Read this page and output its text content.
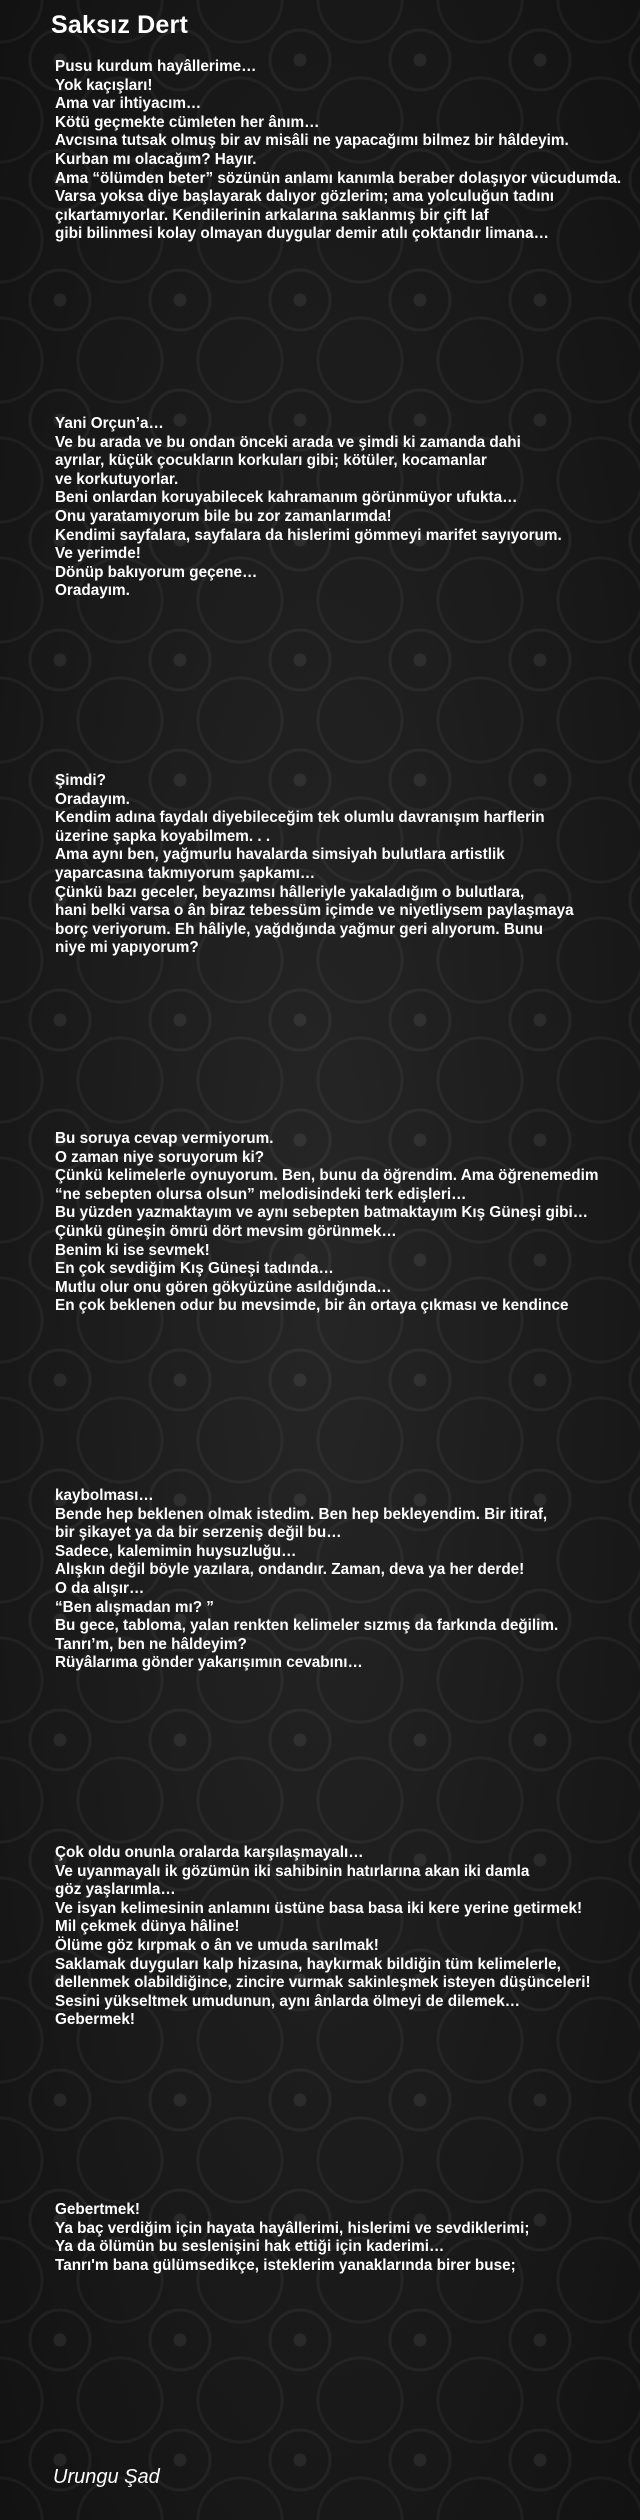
Saksız Dert
Pusu kurdum hayâllerime…
Yok kaçışları!
Ama var ihtiyacım…
Kötü geçmekte cümleten her ânım…
Avcısına tutsak olmuş bir av misâli ne yapacağımı bilmez bir hâldeyim.
Kurban mı olacağım? Hayır.
Ama “ölümden beter” sözünün anlamı kanımla beraber dolaşıyor vücudumda.
Varsa yoksa diye başlayarak dalıyor gözlerim; ama yolculuğun tadını
çıkartamıyorlar. Kendilerinin arkalarına saklanmış bir çift laf
gibi bilinmesi kolay olmayan duygular demir atılı çoktandır limana…
Yani Orçun’a…
Ve bu arada ve bu ondan önceki arada ve şimdi ki zamanda dahi
ayrılar, küçük çocukların korkuları gibi; kötüler, kocamanlar
ve korkutuyorlar.
Beni onlardan koruyabilecek kahramanım görünmüyor ufukta…
Onu yaratamıyorum bile bu zor zamanlarımda!
Kendimi sayfalara, sayfalara da hislerimi gömmeyi marifet sayıyorum.
Ve yerimde!
Dönüp bakıyorum geçene…
Oradayım.
Şimdi?
Oradayım.
Kendim adına faydalı diyebileceğim tek olumlu davranışım harflerin
üzerine şapka koyabilmem. . .
Ama aynı ben, yağmurlu havalarda simsiyah bulutlara artistlik
yaparcasına takmıyorum şapkamı…
Çünkü bazı geceler, beyazımsı hâlleriyle yakaladığım o bulutlara,
hani belki varsa o ân biraz tebessüm içimde ve niyetliysem paylaşmaya
borç veriyorum. Eh hâliyle, yağdığında yağmur geri alıyorum. Bunu
niye mi yapıyorum?
Bu soruya cevap vermiyorum.
O zaman niye soruyorum ki?
Çünkü kelimelerle oynuyorum. Ben, bunu da öğrendim. Ama öğrenemedim
“ne sebepten olursa olsun” melodisindeki terk edişleri…
Bu yüzden yazmaktayım ve aynı sebepten batmaktayım Kış Güneşi gibi…
Çünkü güneşin ömrü dört mevsim görünmek…
Benim ki ise sevmek!
En çok sevdiğim Kış Güneşi tadında…
Mutlu olur onu gören gökyüzüne asıldığında…
En çok beklenen odur bu mevsimde, bir ân ortaya çıkması ve kendince
kaybolması…
Bende hep beklenen olmak istedim. Ben hep bekleyendim. Bir itiraf,
bir şikayet ya da bir serzeniş değil bu…
Sadece, kalemimin huysuzluğu…
Alışkın değil böyle yazılara, ondandır. Zaman, deva ya her derde!
O da alışır…
“Ben alışmadan mı? ”
Bu gece, tabloma, yalan renkten kelimeler sızmış da farkında değilim.
Tanrı’m, ben ne hâldeyim?
Rüyâlarıma gönder yakarışımın cevabını…
Çok oldu onunla oralarda karşılaşmayalı…
Ve uyanmayalı ik gözümün iki sahibinin hatırlarına akan iki damla
göz yaşlarımla…
Ve isyan kelimesinin anlamını üstüne basa basa iki kere yerine getirmek!
Mil çekmek dünya hâline!
Ölüme göz kırpmak o ân ve umuda sarılmak!
Saklamak duyguları kalp hizasına, haykırmak bildiğin tüm kelimelerle,
dellenmek olabildiğince, zincire vurmak sakinleşmek isteyen düşünceleri!
Sesini yükseltmek umudunun, aynı ânlarda ölmeyi de dilemek…
Gebermek!
Gebertmek!
Ya baç verdiğim için hayata hayâllerimi, hislerimi ve sevdiklerimi;
Ya da ölümün bu seslenişini hak ettiği için kaderimi…
Tanrı'm bana gülümsedikçe, isteklerim yanaklarında birer buse;
Urungu Şad
